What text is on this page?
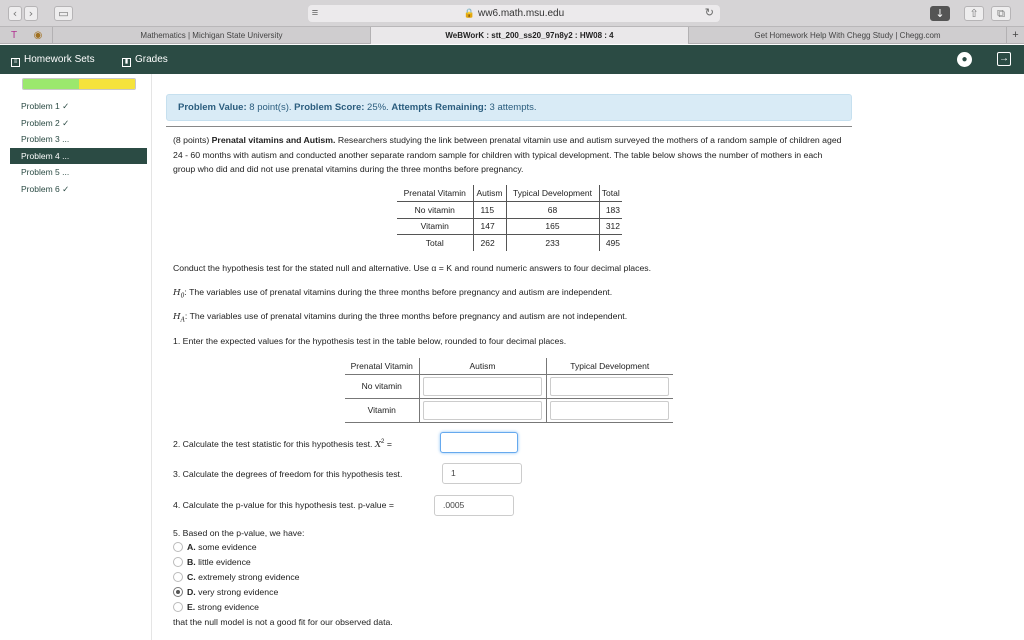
‹	›	▭	≡	🔒 ww6.math.msu.edu	↻	↓	⇧	⧉
T	◉	Mathematics | Michigan State University	WeBWorK : stt_200_ss20_97n8y2 : HW08 : 4	Get Homework Help With Chegg Study | Chegg.com	+
≡ Homework Sets	▮ Grades	●	→
Problem 1 ✓
Problem 2 ✓
Problem 3 ...
Problem 4 ...
Problem 5 ...
Problem 6 ✓
Problem Value: 8 point(s). Problem Score: 25%. Attempts Remaining: 3 attempts.
(8 points) Prenatal vitamins and Autism. Researchers studying the link between prenatal vitamin use and autism surveyed the mothers of a random sample of children aged 24 - 60 months with autism and conducted another separate random sample for children with typical development. The table below shows the number of mothers in each group who did and did not use prenatal vitamins during the three months before pregnancy.
Prenatal Vitamin	Autism	Typical Development	Total
No vitamin	115	68	183
Vitamin	147	165	312
Total	262	233	495
Conduct the hypothesis test for the stated null and alternative. Use α = K and round numeric answers to four decimal places.
$H_0$: The variables use of prenatal vitamins during the three months before pregnancy and autism are independent.
$H_A$: The variables use of prenatal vitamins during the three months before pregnancy and autism are not independent.
1. Enter the expected values for the hypothesis test in the table below, rounded to four decimal places.
Prenatal Vitamin	Autism	Typical Development
No vitamin	

Vitamin	

2. Calculate the test statistic for this hypothesis test. $X^2$ =
3. Calculate the degrees of freedom for this hypothesis test.	1
4. Calculate the p-value for this hypothesis test. p-value =	.0005
5. Based on the p-value, we have:
A. some evidence
B. little evidence
C. extremely strong evidence
D. very strong evidence
E. strong evidence
that the null model is not a good fit for our observed data.
